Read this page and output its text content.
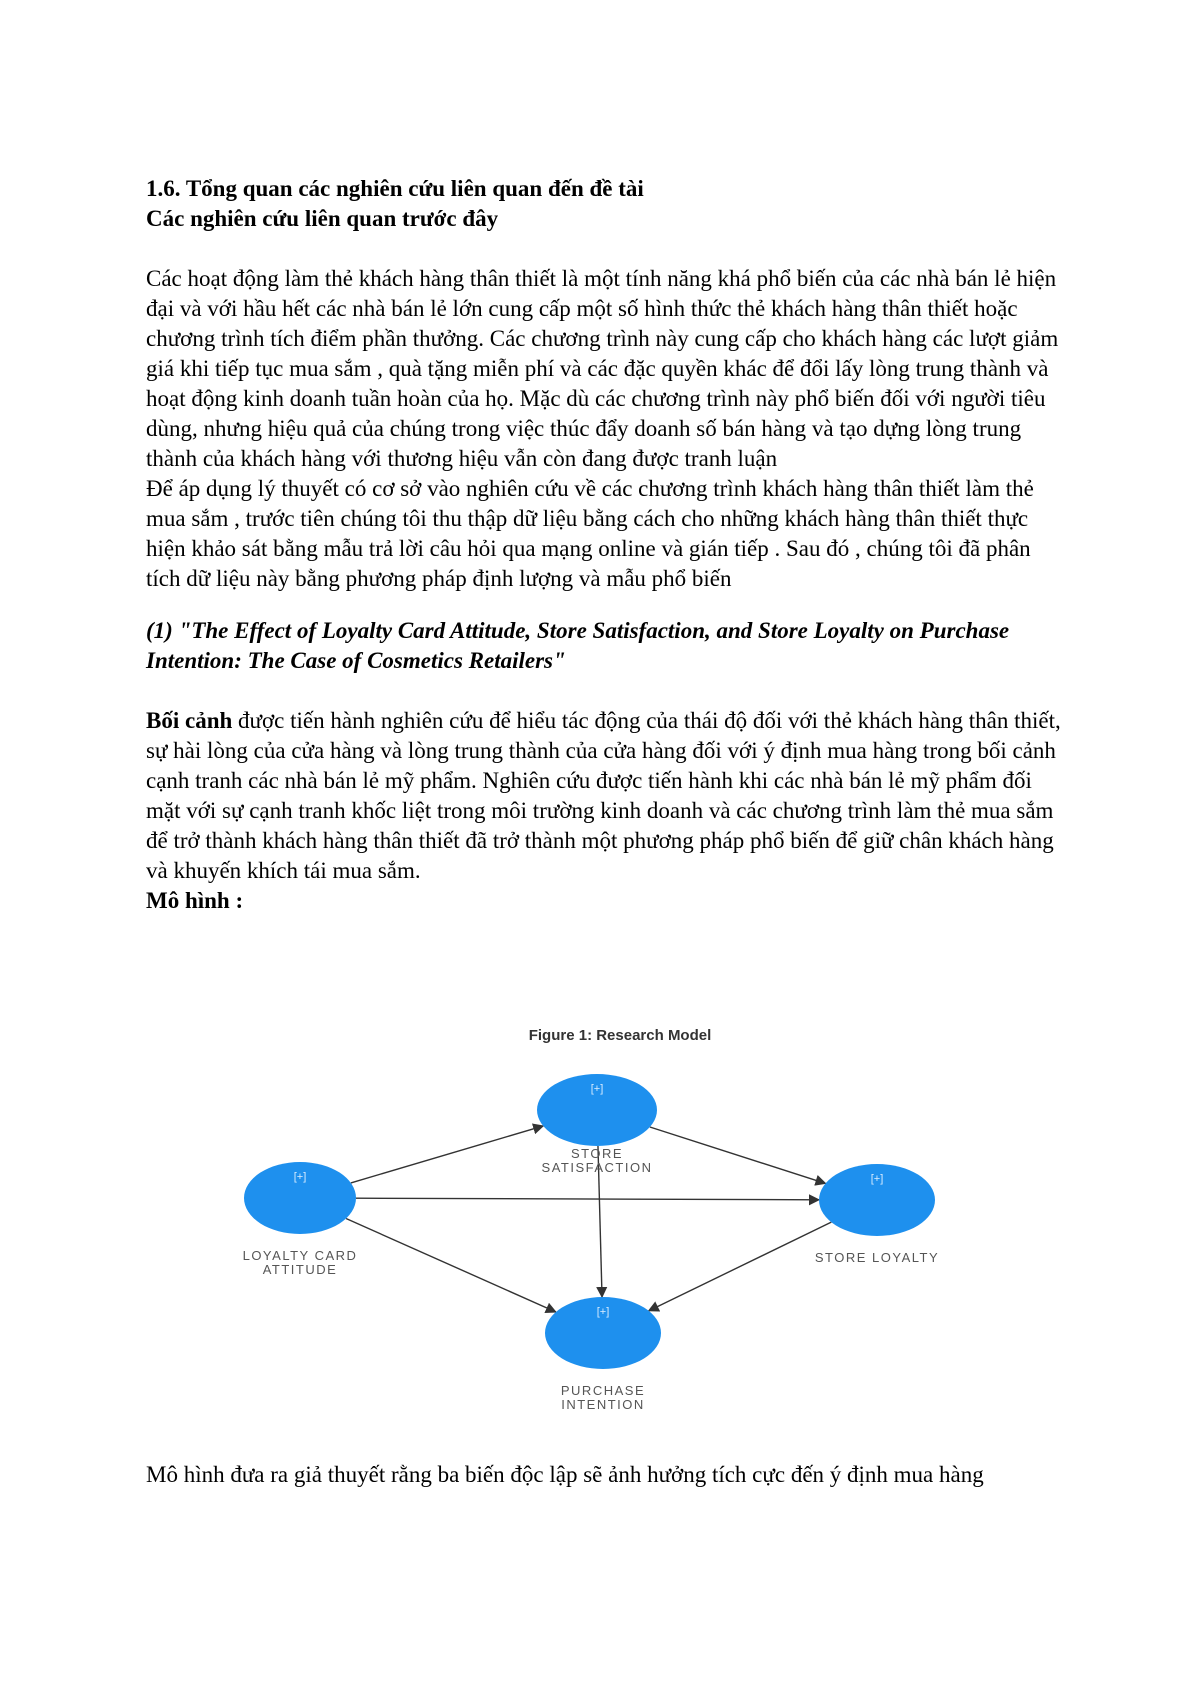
1.6. Tổng quan các nghiên cứu liên quan đến đề tài

Các nghiên cứu liên quan trước đây

Các hoạt động làm thẻ khách hàng thân thiết là một tính năng khá phổ biến của các nhà bán lẻ hiện đại và với hầu hết các nhà bán lẻ lớn cung cấp một số hình thức thẻ khách hàng thân thiết hoặc chương trình tích điểm phần thưởng. Các chương trình này cung cấp cho khách hàng các lượt giảm giá khi tiếp tục mua sắm , quà tặng miễn phí và các đặc quyền khác để đổi lấy lòng trung thành và hoạt động kinh doanh tuần hoàn của họ. Mặc dù các chương trình này phổ biến đối với người tiêu dùng, nhưng hiệu quả của chúng trong việc thúc đẩy doanh số bán hàng và tạo dựng lòng trung thành của khách hàng với thương hiệu vẫn còn đang được tranh luận

Để áp dụng lý thuyết có cơ sở vào nghiên cứu về các chương trình khách hàng thân thiết làm thẻ mua sắm , trước tiên chúng tôi thu thập dữ liệu bằng cách cho những khách hàng thân thiết thực hiện khảo sát bằng mẫu trả lời câu hỏi qua mạng online và gián tiếp . Sau đó , chúng tôi đã phân tích dữ liệu này bằng phương pháp định lượng và mẫu phổ biến

(1) "The Effect of Loyalty Card Attitude, Store Satisfaction, and Store Loyalty on Purchase Intention: The Case of Cosmetics Retailers"

Bối cảnh được tiến hành nghiên cứu để hiểu tác động của thái độ đối với thẻ khách hàng thân thiết, sự hài lòng của cửa hàng và lòng trung thành của cửa hàng đối với ý định mua hàng trong bối cảnh cạnh tranh các nhà bán lẻ mỹ phẩm. Nghiên cứu được tiến hành khi các nhà bán lẻ mỹ phẩm đối mặt với sự cạnh tranh khốc liệt trong môi trường kinh doanh và các chương trình làm thẻ mua sắm để trở thành khách hàng thân thiết đã trở thành một phương pháp phổ biến để giữ chân khách hàng và khuyến khích tái mua sắm.

Mô hình :

Figure 1: Research Model
[+]
[+]
[+]
[+]
LOYALTY CARD
ATTITUDE
STORE
SATISFACTION
STORE LOYALTY
PURCHASE
INTENTION

Mô hình đưa ra giả thuyết rằng ba biến độc lập sẽ ảnh hưởng tích cực đến ý định mua hàng
